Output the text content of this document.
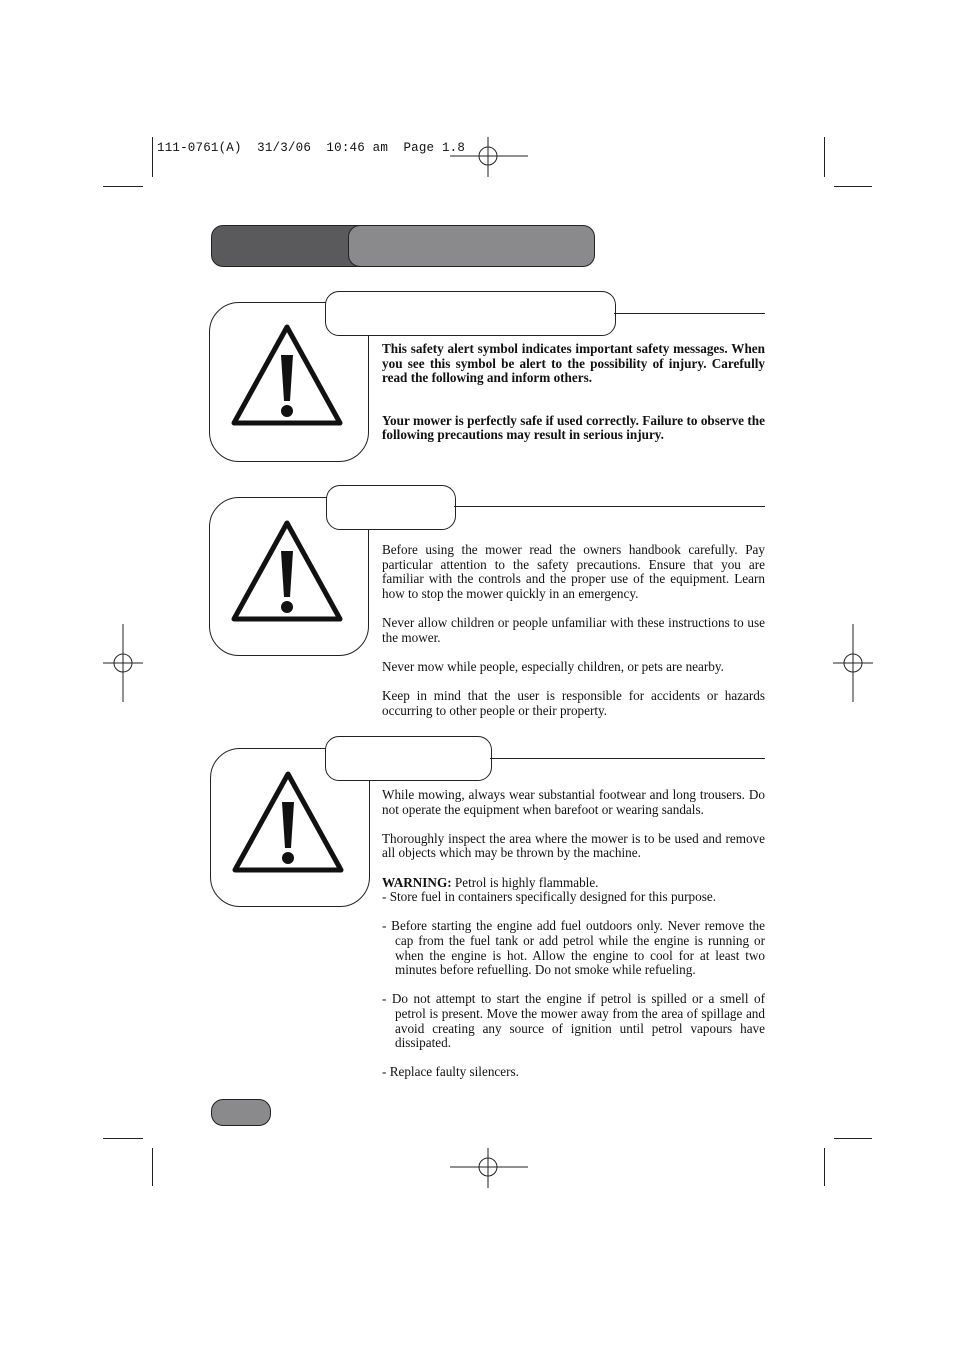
111-0761(A)  31/3/06  10:46 am  Page 1.8

This safety alert symbol indicates important safety messages. When you see this symbol be alert to the possibility of injury. Carefully read the following and inform others.

Your mower is perfectly safe if used correctly. Failure to observe the following precautions may result in serious injury.

Before using the mower read the owners handbook carefully. Pay particular attention to the safety precautions. Ensure that you are familiar with the controls and the proper use of the equipment. Learn how to stop the mower quickly in an emergency.

Never allow children or people unfamiliar with these instructions to use the mower.

Never mow while people, especially children, or pets are nearby.

Keep in mind that the user is responsible for accidents or hazards occurring to other people or their property.

While mowing, always wear substantial footwear and long trousers. Do not operate the equipment when barefoot or wearing sandals.

Thoroughly inspect the area where the mower is to be used and remove all objects which may be thrown by the machine.

WARNING: Petrol is highly flammable.

- Store fuel in containers specifically designed for this purpose.

- Before starting the engine add fuel outdoors only. Never remove the cap from the fuel tank or add petrol while the engine is running or when the engine is hot. Allow the engine to cool for at least two minutes before refuelling. Do not smoke while refueling.

- Do not attempt to start the engine if petrol is spilled or a smell of petrol is present. Move the mower away from the area of spillage and avoid creating any source of ignition until petrol vapours have dissipated.

- Replace faulty silencers.
